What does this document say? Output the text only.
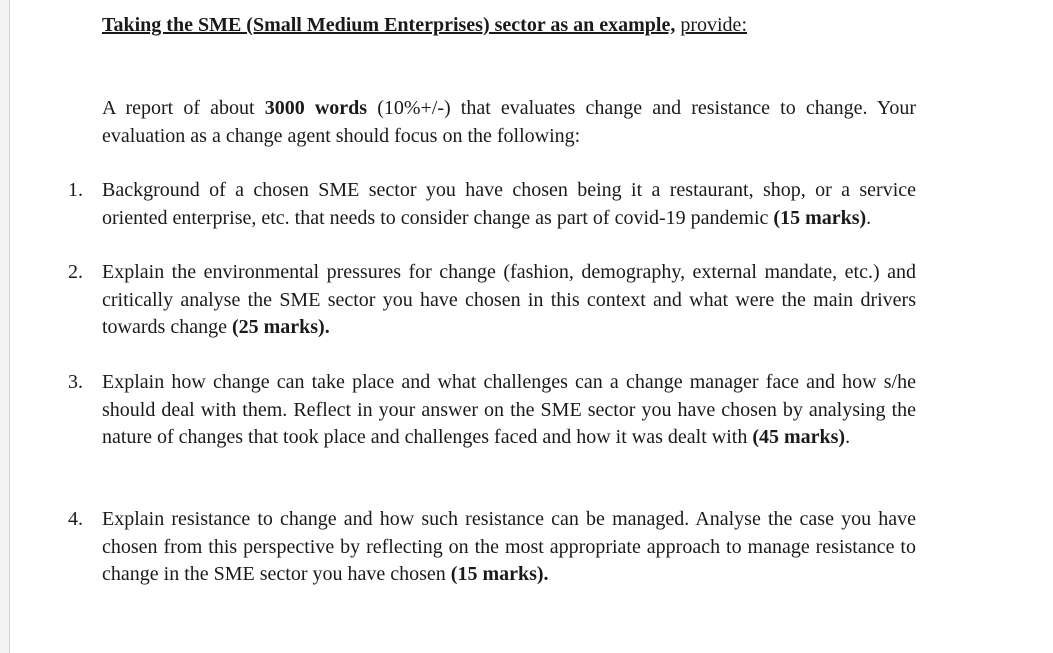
Taking the SME (Small Medium Enterprises) sector as an example, provide:

A report of about 3000 words (10%+/-) that evaluates change and resistance to change. Your evaluation as a change agent should focus on the following:

1. Background of a chosen SME sector you have chosen being it a restaurant, shop, or a service oriented enterprise, etc. that needs to consider change as part of covid-19 pandemic (15 marks).
2. Explain the environmental pressures for change (fashion, demography, external mandate, etc.) and critically analyse the SME sector you have chosen in this context and what were the main drivers towards change (25 marks).
3. Explain how change can take place and what challenges can a change manager face and how s/he should deal with them. Reflect in your answer on the SME sector you have chosen by analysing the nature of changes that took place and challenges faced and how it was dealt with (45 marks).
4. Explain resistance to change and how such resistance can be managed. Analyse the case you have chosen from this perspective by reflecting on the most appropriate approach to manage resistance to change in the SME sector you have chosen (15 marks).
